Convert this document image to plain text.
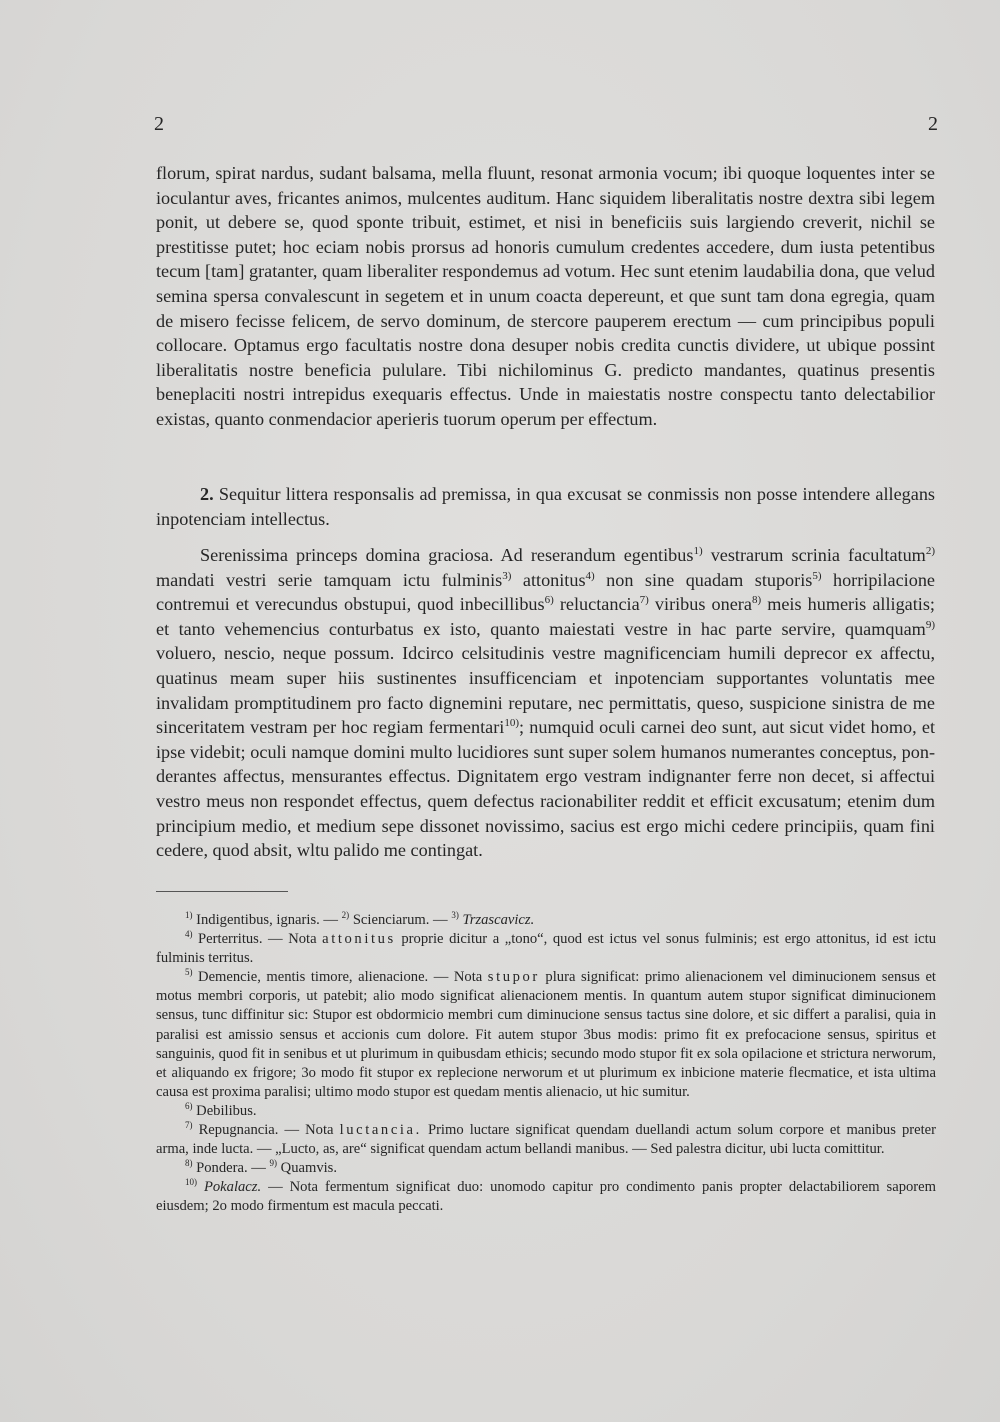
2	2

florum, spirat nardus, sudant balsama, mella fluunt, resonat armonia vocum; ibi quoque loquentes inter se ioculantur aves, fricantes animos, mulcentes auditum. Hanc siquidem liberalitatis nostre dextra sibi legem ponit, ut debere se, quod sponte tribuit, estimet, et nisi in beneficiis suis largiendo creverit, nichil se prestitisse putet; hoc eciam nobis prorsus ad honoris cumulum credentes accedere, dum iusta petentibus tecum [tam] gratanter, quam liberaliter respondemus ad votum. Hec sunt etenim laudabilia dona, que velud semina spersa convalescunt in segetem et in unum coacta depereunt, et que sunt tam dona egregia, quam de misero fecisse felicem, de servo dominum, de stercore pauperem erectum — cum principibus populi collocare. Optamus ergo facultatis nostre dona desuper nobis credita cunctis dividere, ut ubique possint liberalitatis nostre beneficia pululare. Tibi nichilominus G. predicto mandantes, quatinus presentis beneplaciti nostri intrepidus exequaris effectus. Unde in maiestatis nostre conspectu tanto delectabilior existas, quanto conmendacior aperieris tuorum operum per effectum.

2. Sequitur littera responsalis ad premissa, in qua excusat se conmissis non posse intendere allegans inpotenciam intellectus.

Serenissima princeps domina graciosa. Ad reserandum egentibus$^{1)}$ vestrarum scrinia facultatum$^{2)}$ mandati vestri serie tamquam ictu fulminis$^{3)}$ attonitus$^{4)}$ non sine quadam stuporis$^{5)}$ horripilacione contremui et verecundus obstupui, quod inbecillibus$^{6)}$ reluctancia$^{7)}$ viribus onera$^{8)}$ meis humeris alligatis; et tanto vehemencius conturbatus ex isto, quanto maiestati vestre in hac parte servire, quamquam$^{9)}$ voluero, nescio, neque possum. Idcirco celsitudinis vestre magnificenciam humili deprecor ex affectu, quatinus meam super hiis sustinentes insufficenciam et inpotenciam supportantes voluntatis mee invalidam promptitudinem pro facto dignemini reputare, nec permittatis, queso, suspicione sinistra de me sinceritatem vestram per hoc regiam fermentari$^{10)}$; numquid oculi carnei deo sunt, aut sicut videt homo, et ipse videbit; oculi namque domini multo lucidiores sunt super solem humanos numerantes conceptus, ponderantes affectus, mensurantes effectus. Dignitatem ergo vestram indignanter ferre non decet, si affectui vestro meus non respondet effectus, quem defectus racionabiliter reddit et efficit excusatum; etenim dum principium medio, et medium sepe dissonet novissimo, sacius est ergo michi cedere principiis, quam fini cedere, quod absit, wltu palido me contingat.

$^{1)}$ Indigentibus, ignaris. — $^{2)}$ Scienciarum. — $^{3)}$ Trzascavicz.

$^{4)}$ Perterritus. — Nota attonitus proprie dicitur a „tono“, quod est ictus vel sonus fulminis; est ergo attonitus, id est ictu fulminis territus.

$^{5)}$ Demencie, mentis timore, alienacione. — Nota stupor plura significat: primo alienacionem vel diminucionem sensus et motus membri corporis, ut patebit; alio modo significat alienacionem mentis. In quantum autem stupor significat diminucionem sensus, tunc diffinitur sic: Stupor est obdormicio membri cum diminucione sensus tactus sine dolore, et sic differt a paralisi, quia in paralisi est amissio sensus et accionis cum dolore. Fit autem stupor 3bus modis: primo fit ex prefocacione sensus, spiritus et sanguinis, quod fit in senibus et ut plurimum in quibusdam ethicis; secundo modo stupor fit ex sola opilacione et strictura nerworum, et aliquando ex frigore; 3o modo fit stupor ex replecione nerworum et ut plurimum ex inbicione materie flecmatice, et ista ultima causa est proxima paralisi; ultimo modo stupor est quedam mentis alienacio, ut hic sumitur.

$^{6)}$ Debilibus.

$^{7)}$ Repugnancia. — Nota luctancia. Primo luctare significat quendam duellandi actum solum corpore et manibus preter arma, inde lucta. — „Lucto, as, are“ significat quendam actum bellandi manibus. — Sed palestra dicitur, ubi lucta comittitur.

$^{8)}$ Pondera. — $^{9)}$ Quamvis.

$^{10)}$ Pokalacz. — Nota fermentum significat duo: unomodo capitur pro condimento panis propter delactabiliorem saporem eiusdem; 2o modo firmentum est macula peccati.
